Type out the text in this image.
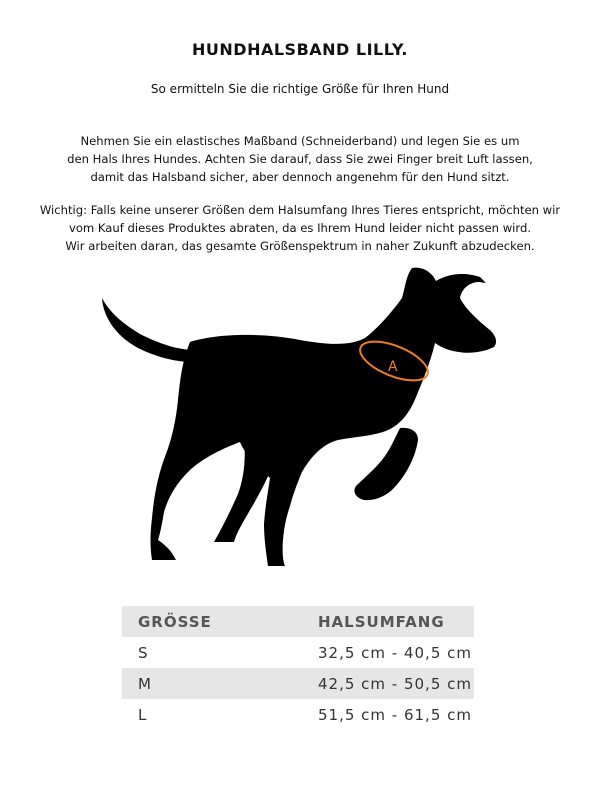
HUNDHALSBAND LILLY.

So ermitteln Sie die richtige Größe für Ihren Hund

Nehmen Sie ein elastisches Maßband (Schneiderband) und legen Sie es um
den Hals Ihres Hundes. Achten Sie darauf, dass Sie zwei Finger breit Luft lassen,
damit das Halsband sicher, aber dennoch angenehm für den Hund sitzt.

Wichtig: Falls keine unserer Größen dem Halsumfang Ihres Tieres entspricht, möchten wir
vom Kauf dieses Produktes abraten, da es Ihrem Hund leider nicht passen wird.
Wir arbeiten daran, das gesamte Größenspektrum in naher Zukunft abzudecken.

A
GRÖSSE	HALSUMFANG
S	32,5 cm - 40,5 cm
M	42,5 cm - 50,5 cm
L	51,5 cm - 61,5 cm
